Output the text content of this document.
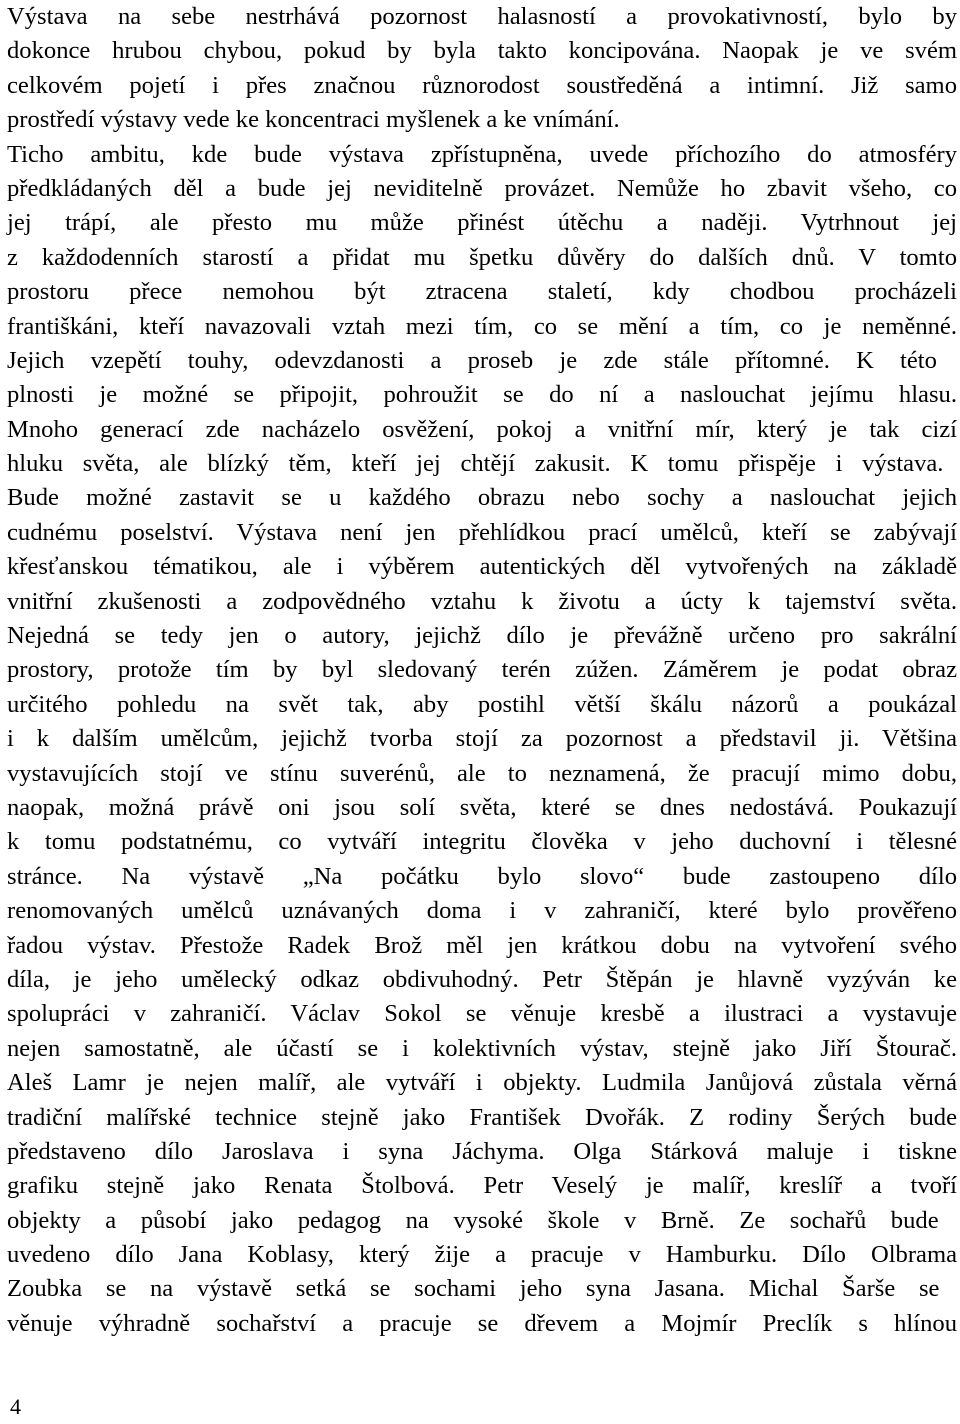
Výstava na sebe nestrhává pozornost halasností a provokativností, bylo by
dokonce hrubou chybou, pokud by byla takto koncipována. Naopak je ve svém
celkovém pojetí i přes značnou různorodost soustředěná a intimní. Již samo
prostředí výstavy vede ke koncentraci myšlenek a ke vnímání.
Ticho ambitu, kde bude výstava zpřístupněna, uvede příchozího do atmosféry
předkládaných děl a bude jej neviditelně provázet. Nemůže ho zbavit všeho, co
jej trápí, ale přesto mu může přinést útěchu a naději. Vytrhnout jej
z každodenních starostí a přidat mu špetku důvěry do dalších dnů. V tomto
prostoru přece nemohou být ztracena staletí, kdy chodbou procházeli
františkáni, kteří navazovali vztah mezi tím, co se mění a tím, co je neměnné.
Jejich vzepětí touhy, odevzdanosti a proseb je zde stále přítomné. K této
plnosti je možné se připojit, pohroužit se do ní a naslouchat jejímu hlasu.
Mnoho generací zde nacházelo osvěžení, pokoj a vnitřní mír, který je tak cizí
hluku světa, ale blízký těm, kteří jej chtějí zakusit. K tomu přispěje i výstava.
Bude možné zastavit se u každého obrazu nebo sochy a naslouchat jejich
cudnému poselství. Výstava není jen přehlídkou prací umělců, kteří se zabývají
křesťanskou tématikou, ale i výběrem autentických děl vytvořených na základě
vnitřní zkušenosti a zodpovědného vztahu k životu a úcty k tajemství světa.
Nejedná se tedy jen o autory, jejichž dílo je převážně určeno pro sakrální
prostory, protože tím by byl sledovaný terén zúžen. Záměrem je podat obraz
určitého pohledu na svět tak, aby postihl větší škálu názorů a poukázal
i k dalším umělcům, jejichž tvorba stojí za pozornost a představil ji. Většina
vystavujících stojí ve stínu suverénů, ale to neznamená, že pracují mimo dobu,
naopak, možná právě oni jsou solí světa, které se dnes nedostává. Poukazují
k tomu podstatnému, co vytváří integritu člověka v jeho duchovní i tělesné
stránce. Na výstavě „Na počátku bylo slovo“ bude zastoupeno dílo
renomovaných umělců uznávaných doma i v zahraničí, které bylo prověřeno
řadou výstav. Přestože Radek Brož měl jen krátkou dobu na vytvoření svého
díla, je jeho umělecký odkaz obdivuhodný. Petr Štěpán je hlavně vyzýván ke
spolupráci v zahraničí. Václav Sokol se věnuje kresbě a ilustraci a vystavuje
nejen samostatně, ale účastí se i kolektivních výstav, stejně jako Jiří Štourač.
Aleš Lamr je nejen malíř, ale vytváří i objekty. Ludmila Janůjová zůstala věrná
tradiční malířské technice stejně jako František Dvořák. Z rodiny Šerých bude
představeno dílo Jaroslava i syna Jáchyma. Olga Stárková maluje i tiskne
grafiku stejně jako Renata Štolbová. Petr Veselý je malíř, kreslíř a tvoří
objekty a působí jako pedagog na vysoké škole v Brně. Ze sochařů bude
uvedeno dílo Jana Koblasy, který žije a pracuje v Hamburku. Dílo Olbrama
Zoubka se na výstavě setká se sochami jeho syna Jasana. Michal Šarše se
věnuje výhradně sochařství a pracuje se dřevem a Mojmír Preclík s hlínou
4
